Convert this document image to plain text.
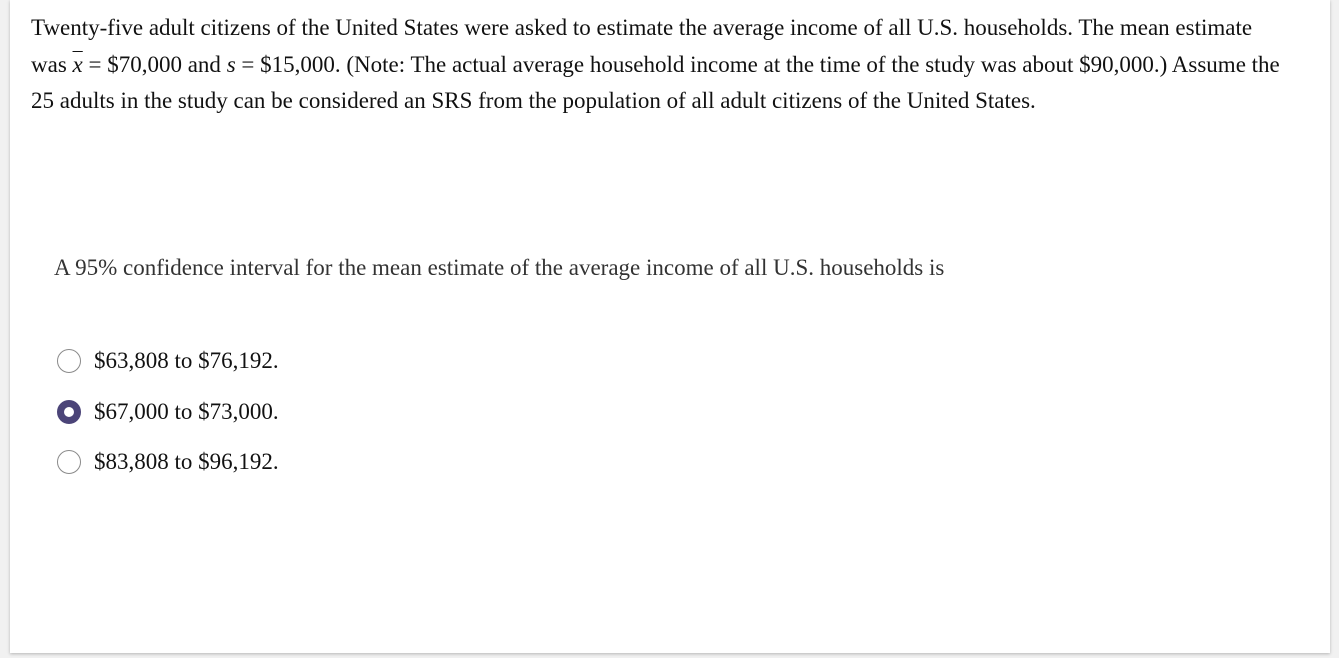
Twenty-five adult citizens of the United States were asked to estimate the average income of all U.S. households. The mean estimate was $\overline{x}$ = $70,000 and s = $15,000. (Note: The actual average household income at the time of the study was about $90,000.) Assume the 25 adults in the study can be considered an SRS from the population of all adult citizens of the United States.
A 95% confidence interval for the mean estimate of the average income of all U.S. households is
$63,808 to $76,192.
$67,000 to $73,000.
$83,808 to $96,192.
